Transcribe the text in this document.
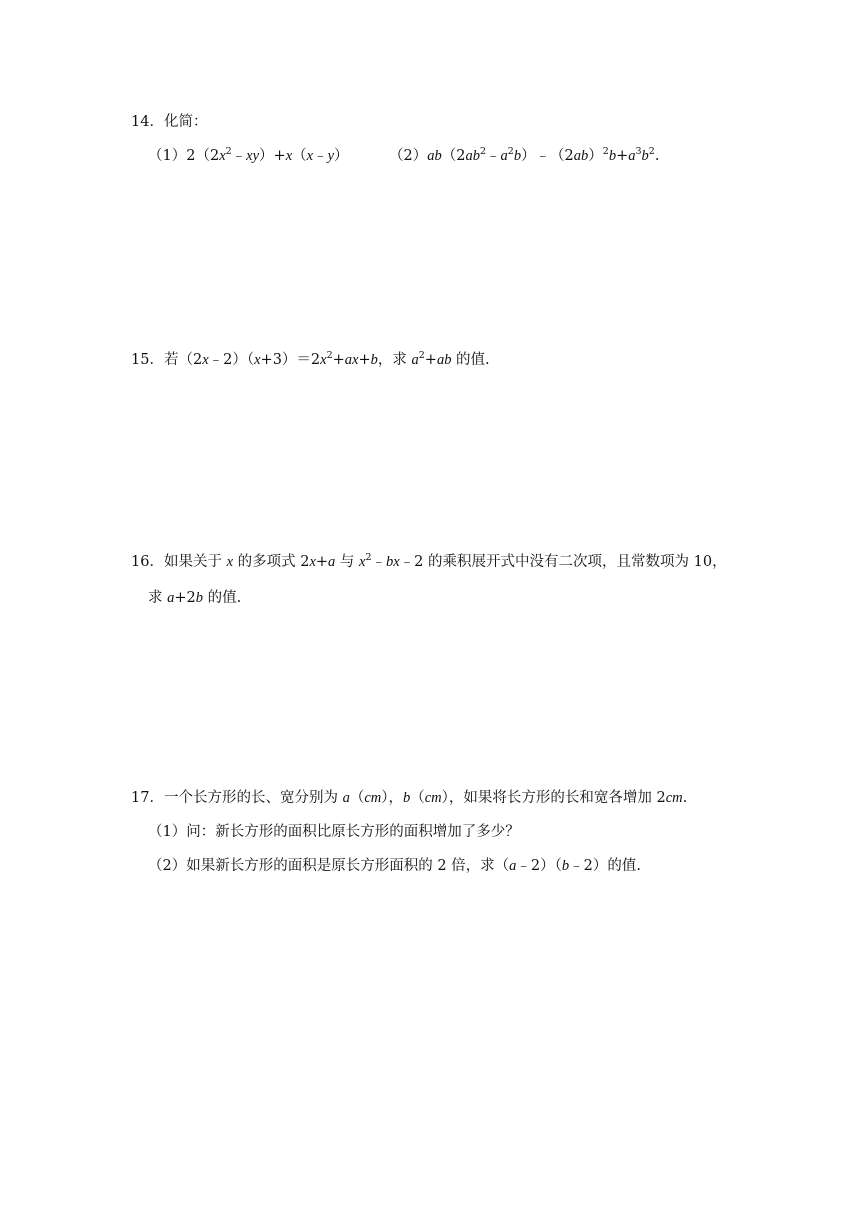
14．化简：
$(1)2(2x^2﹣xy)+x(x﹣y)$	$(2)ab(2ab^2﹣a^2b)﹣(2ab)^2b+a^3b^2$.
15．若$(2x﹣2)(x+3)=2x^2+ax+b$，求 $a^2+ab$ 的值.
16．如果关于 x 的多项式 2x+a 与 $x^2﹣bx﹣2$ 的乘积展开式中没有二次项，且常数项为 10，
求 a+2b 的值.
17．一个长方形的长、宽分别为 a（cm），b（cm），如果将长方形的长和宽各增加 2cm.
（1）问：新长方形的面积比原长方形的面积增加了多少？
（2）如果新长方形的面积是原长方形面积的 2 倍，求（a﹣2）（b﹣2）的值.
